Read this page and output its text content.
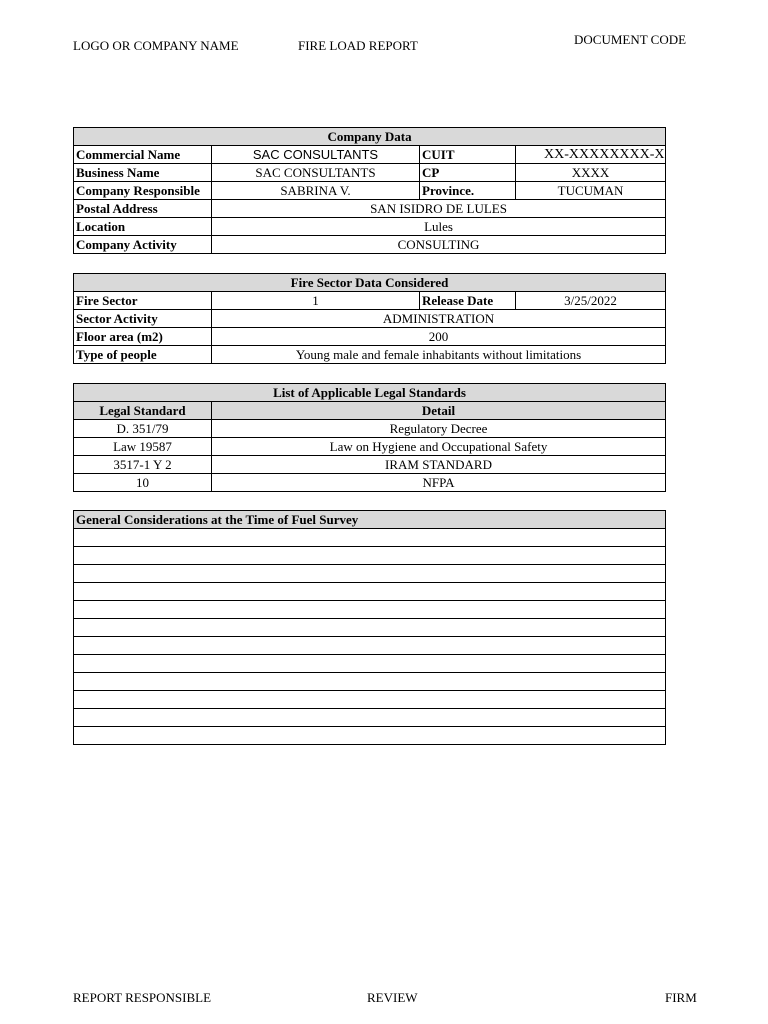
LOGO OR COMPANY NAME	FIRE LOAD REPORT	DOCUMENT CODE
Company Data			
Commercial Name	SAC CONSULTANTS	CUIT	XX-XXXXXXXX-X
Business Name	SAC CONSULTANTS	CP	XXXX
Company Responsible	SABRINA V.	Province.	TUCUMAN
Postal Address	SAN ISIDRO DE LULES		
Location	Lules		
Company Activity	CONSULTING		
Fire Sector Data Considered			
Fire Sector	1	Release Date	3/25/2022
Sector Activity	ADMINISTRATION		
Floor area (m2)	200		
Type of people	Young male and female inhabitants without limitations		
List of Applicable Legal Standards	
Legal Standard	Detail
D. 351/79	Regulatory Decree
Law 19587	Law on Hygiene and Occupational Safety
3517-1 Y 2	IRAM STANDARD
10	NFPA
General Considerations at the Time of Fuel Survey

REPORT RESPONSIBLE	REVIEW	FIRM
